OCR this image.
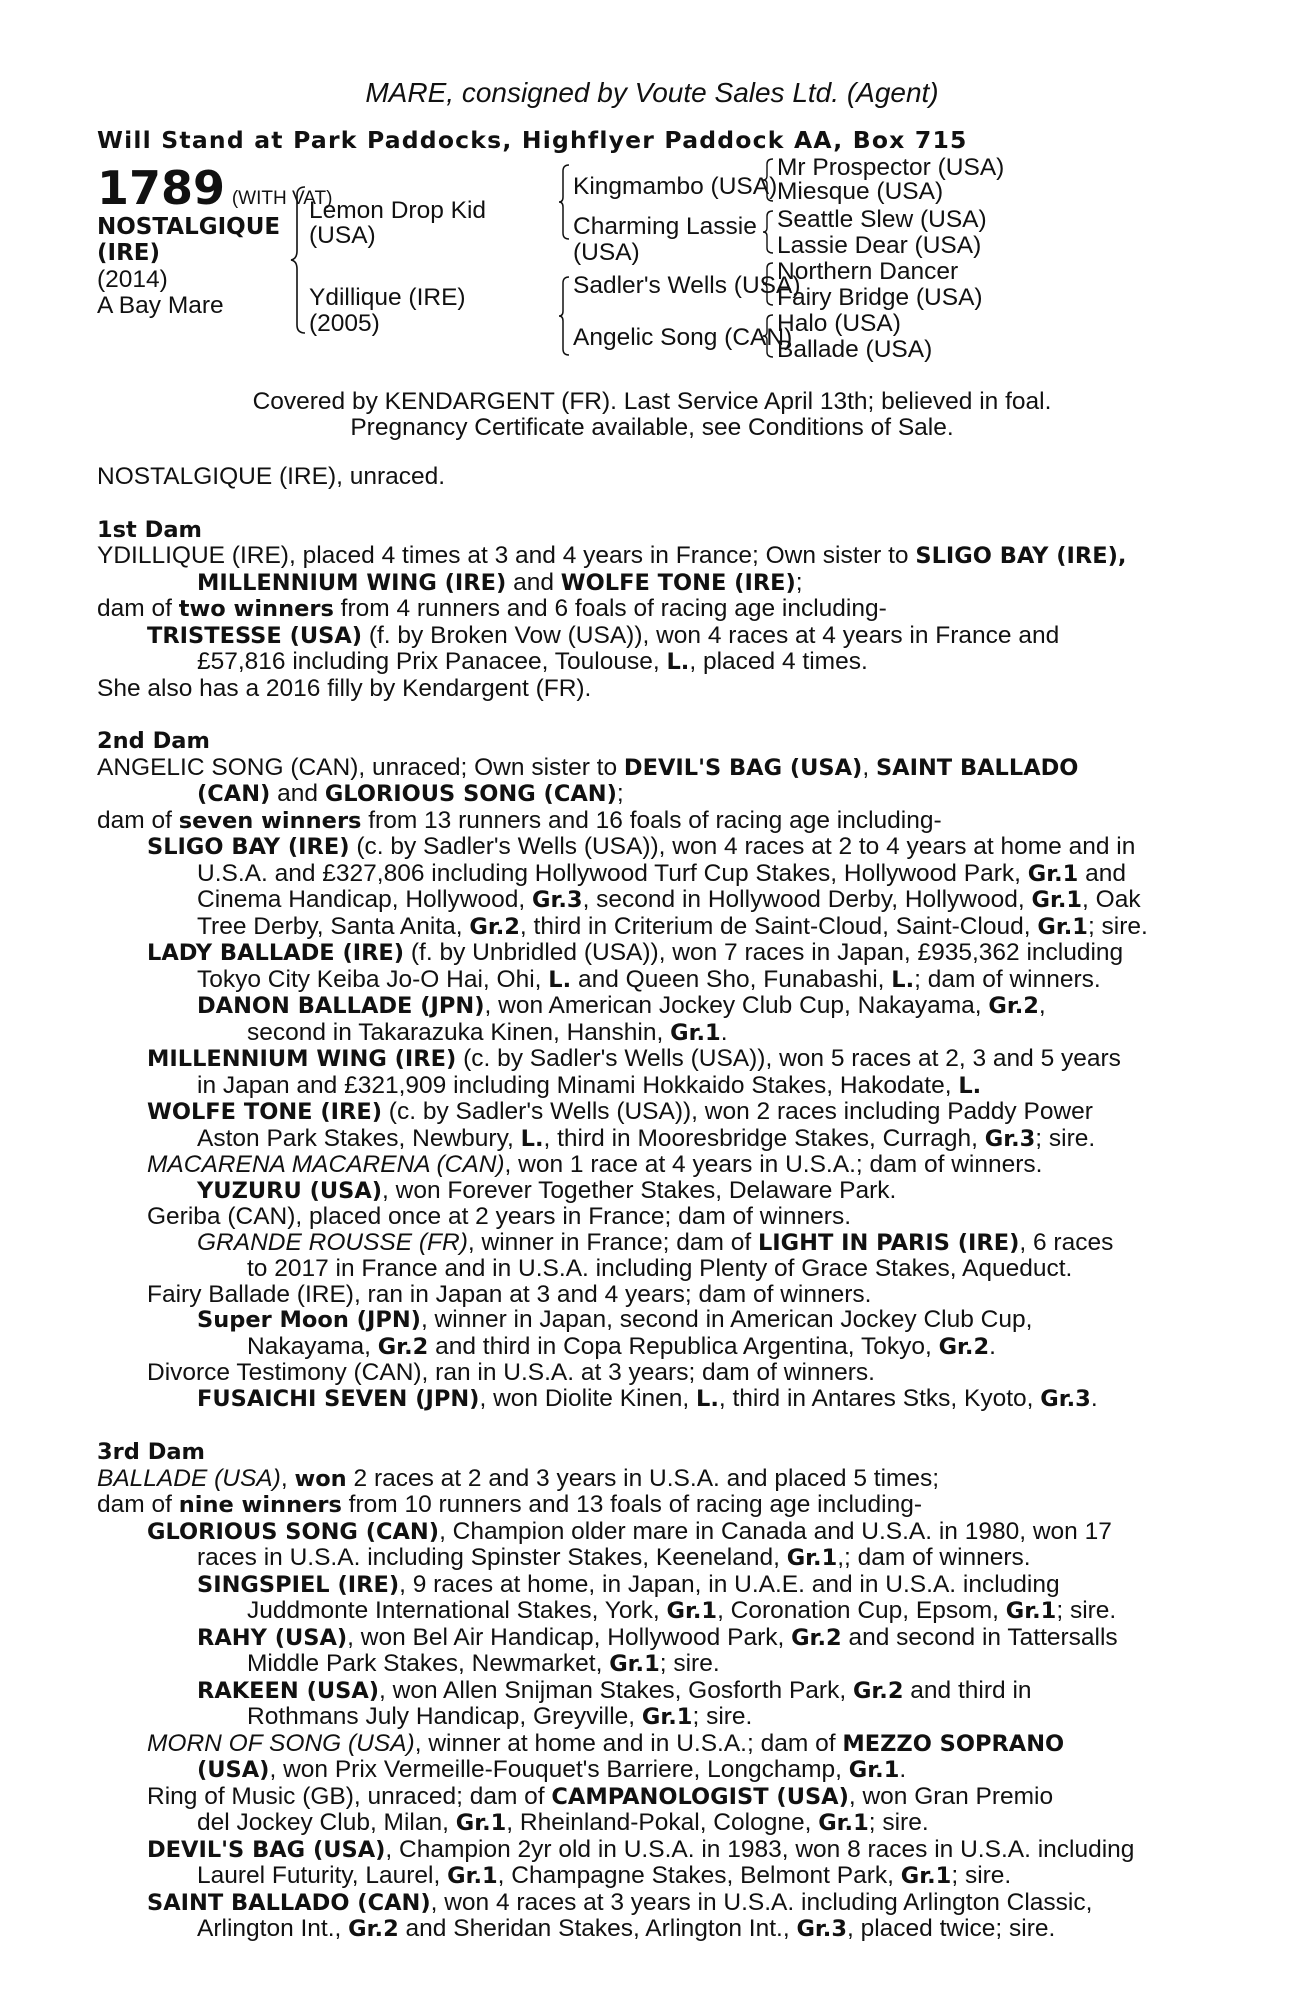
MARE, consigned by Voute Sales Ltd. (Agent)
Will Stand at Park Paddocks, Highflyer Paddock AA, Box 715
1789 (WITH VAT)
NOSTALGIQUE
(IRE)
(2014)
A Bay Mare
Lemon Drop Kid
(USA)
Ydillique (IRE)
(2005)
Kingmambo (USA)
Charming Lassie
(USA)
Sadler's Wells (USA)
Angelic Song (CAN)
Mr Prospector (USA)
Miesque (USA)
Seattle Slew (USA)
Lassie Dear (USA)
Northern Dancer
Fairy Bridge (USA)
Halo (USA)
Ballade (USA)
Covered by KENDARGENT (FR). Last Service April 13th; believed in foal.
Pregnancy Certificate available, see Conditions of Sale.
NOSTALGIQUE (IRE), unraced.
1st Dam
YDILLIQUE (IRE), placed 4 times at 3 and 4 years in France; Own sister to SLIGO BAY (IRE),
MILLENNIUM WING (IRE) and WOLFE TONE (IRE);
dam of two winners from 4 runners and 6 foals of racing age including-
TRISTESSE (USA) (f. by Broken Vow (USA)), won 4 races at 4 years in France and
£57,816 including Prix Panacee, Toulouse, L., placed 4 times.
She also has a 2016 filly by Kendargent (FR).
2nd Dam
ANGELIC SONG (CAN), unraced; Own sister to DEVIL'S BAG (USA), SAINT BALLADO
(CAN) and GLORIOUS SONG (CAN);
dam of seven winners from 13 runners and 16 foals of racing age including-
SLIGO BAY (IRE) (c. by Sadler's Wells (USA)), won 4 races at 2 to 4 years at home and in
U.S.A. and £327,806 including Hollywood Turf Cup Stakes, Hollywood Park, Gr.1 and
Cinema Handicap, Hollywood, Gr.3, second in Hollywood Derby, Hollywood, Gr.1, Oak
Tree Derby, Santa Anita, Gr.2, third in Criterium de Saint-Cloud, Saint-Cloud, Gr.1; sire.
LADY BALLADE (IRE) (f. by Unbridled (USA)), won 7 races in Japan, £935,362 including
Tokyo City Keiba Jo-O Hai, Ohi, L. and Queen Sho, Funabashi, L.; dam of winners.
DANON BALLADE (JPN), won American Jockey Club Cup, Nakayama, Gr.2,
second in Takarazuka Kinen, Hanshin, Gr.1.
MILLENNIUM WING (IRE) (c. by Sadler's Wells (USA)), won 5 races at 2, 3 and 5 years
in Japan and £321,909 including Minami Hokkaido Stakes, Hakodate, L.
WOLFE TONE (IRE) (c. by Sadler's Wells (USA)), won 2 races including Paddy Power
Aston Park Stakes, Newbury, L., third in Mooresbridge Stakes, Curragh, Gr.3; sire.
MACARENA MACARENA (CAN), won 1 race at 4 years in U.S.A.; dam of winners.
YUZURU (USA), won Forever Together Stakes, Delaware Park.
Geriba (CAN), placed once at 2 years in France; dam of winners.
GRANDE ROUSSE (FR), winner in France; dam of LIGHT IN PARIS (IRE), 6 races
to 2017 in France and in U.S.A. including Plenty of Grace Stakes, Aqueduct.
Fairy Ballade (IRE), ran in Japan at 3 and 4 years; dam of winners.
Super Moon (JPN), winner in Japan, second in American Jockey Club Cup,
Nakayama, Gr.2 and third in Copa Republica Argentina, Tokyo, Gr.2.
Divorce Testimony (CAN), ran in U.S.A. at 3 years; dam of winners.
FUSAICHI SEVEN (JPN), won Diolite Kinen, L., third in Antares Stks, Kyoto, Gr.3.
3rd Dam
BALLADE (USA), won 2 races at 2 and 3 years in U.S.A. and placed 5 times;
dam of nine winners from 10 runners and 13 foals of racing age including-
GLORIOUS SONG (CAN), Champion older mare in Canada and U.S.A. in 1980, won 17
races in U.S.A. including Spinster Stakes, Keeneland, Gr.1,; dam of winners.
SINGSPIEL (IRE), 9 races at home, in Japan, in U.A.E. and in U.S.A. including
Juddmonte International Stakes, York, Gr.1, Coronation Cup, Epsom, Gr.1; sire.
RAHY (USA), won Bel Air Handicap, Hollywood Park, Gr.2 and second in Tattersalls
Middle Park Stakes, Newmarket, Gr.1; sire.
RAKEEN (USA), won Allen Snijman Stakes, Gosforth Park, Gr.2 and third in
Rothmans July Handicap, Greyville, Gr.1; sire.
MORN OF SONG (USA), winner at home and in U.S.A.; dam of MEZZO SOPRANO
(USA), won Prix Vermeille-Fouquet's Barriere, Longchamp, Gr.1.
Ring of Music (GB), unraced; dam of CAMPANOLOGIST (USA), won Gran Premio
del Jockey Club, Milan, Gr.1, Rheinland-Pokal, Cologne, Gr.1; sire.
DEVIL'S BAG (USA), Champion 2yr old in U.S.A. in 1983, won 8 races in U.S.A. including
Laurel Futurity, Laurel, Gr.1, Champagne Stakes, Belmont Park, Gr.1; sire.
SAINT BALLADO (CAN), won 4 races at 3 years in U.S.A. including Arlington Classic,
Arlington Int., Gr.2 and Sheridan Stakes, Arlington Int., Gr.3, placed twice; sire.
